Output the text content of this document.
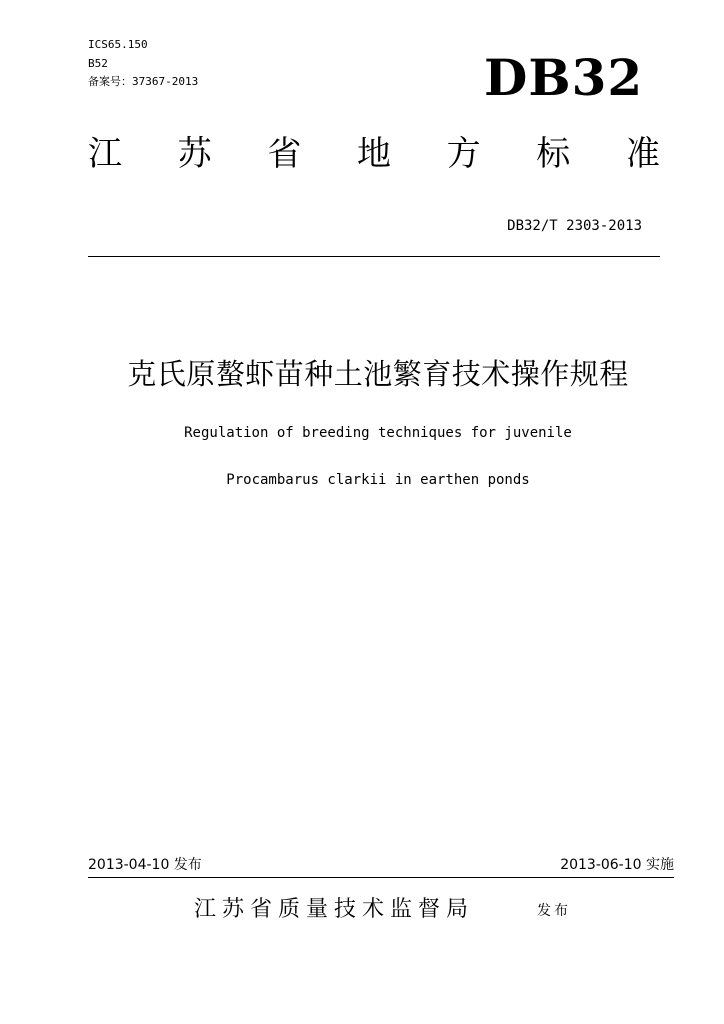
ICS65.150
B52
备案号：37367-2013	DB32
江 苏 省 地 方 标 准
DB32/T 2303-2013
克氏原螯虾苗种土池繁育技术操作规程
Regulation of breeding techniques for juvenile
Procambarus clarkii in earthen ponds
2013-04-10 发布	2013-06-10 实施
江苏省质量技术监督局	发布
